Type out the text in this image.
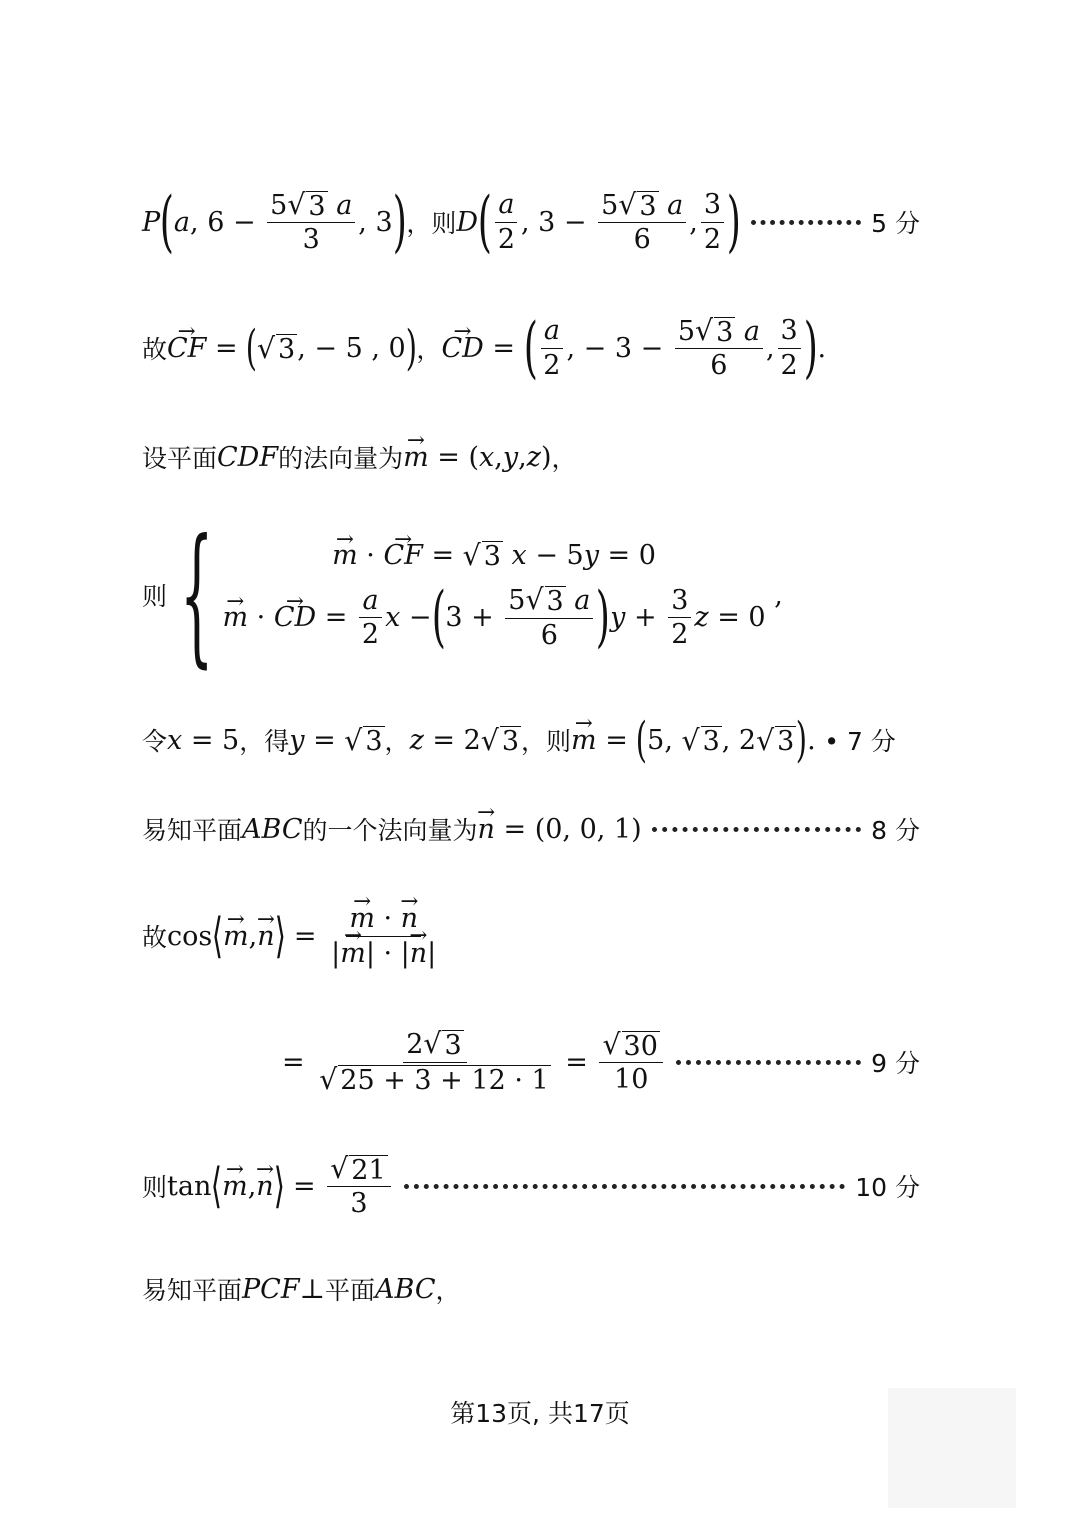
P ( a , $6 - \frac{5 √ 3 a}{3}$ , 3 ) ，则 D ( $\frac{a}{2}$ , $3 - \frac{5 √ 3 a}{6}$ , $\frac{3}{2}$ )	5 分
故 → CF = ( √ 3 , − 5 , 0 ) ， → CD = ( $\frac{a}{2}$ , − $3 - \frac{5 √ 3 a}{6}$ , $\frac{3}{2}$ ) .
设平面 CDF 的法向量为 → m = (x,y,z) ，
则 {	→ m · → CF = √ 3 x − 5y = 0
→ m · → CD = $\frac{a}{2}$ x − ( $3 + \frac{5 √ 3 a}{6}$ ) $y + \frac{3}{2}$ z = 0
,
令 x = 5 ，得 y = √ 3 ， z = 2 √ 3 ，则 → m = ( 5, √ 3 , 2 √ 3 ) . • 7 分
易知平面 ABC 的一个法向量为 → n = (0, 0, 1)	8 分
故 cos ⟨ → m , → n ⟩ = → $\frac{m \cdot \to n}{|\to m| \cdot |\to n|}$
= $\frac{2 √ 3}{√ 25 + 3 + 12 \cdot 1} = \frac{√ 30}{10}$	9 分
则 tan ⟨ → m , → n ⟩ = $\frac{√ 21}{3}$	10 分
易知平面 PCF ⊥ 平面 ABC ，
第13页, 共17页
